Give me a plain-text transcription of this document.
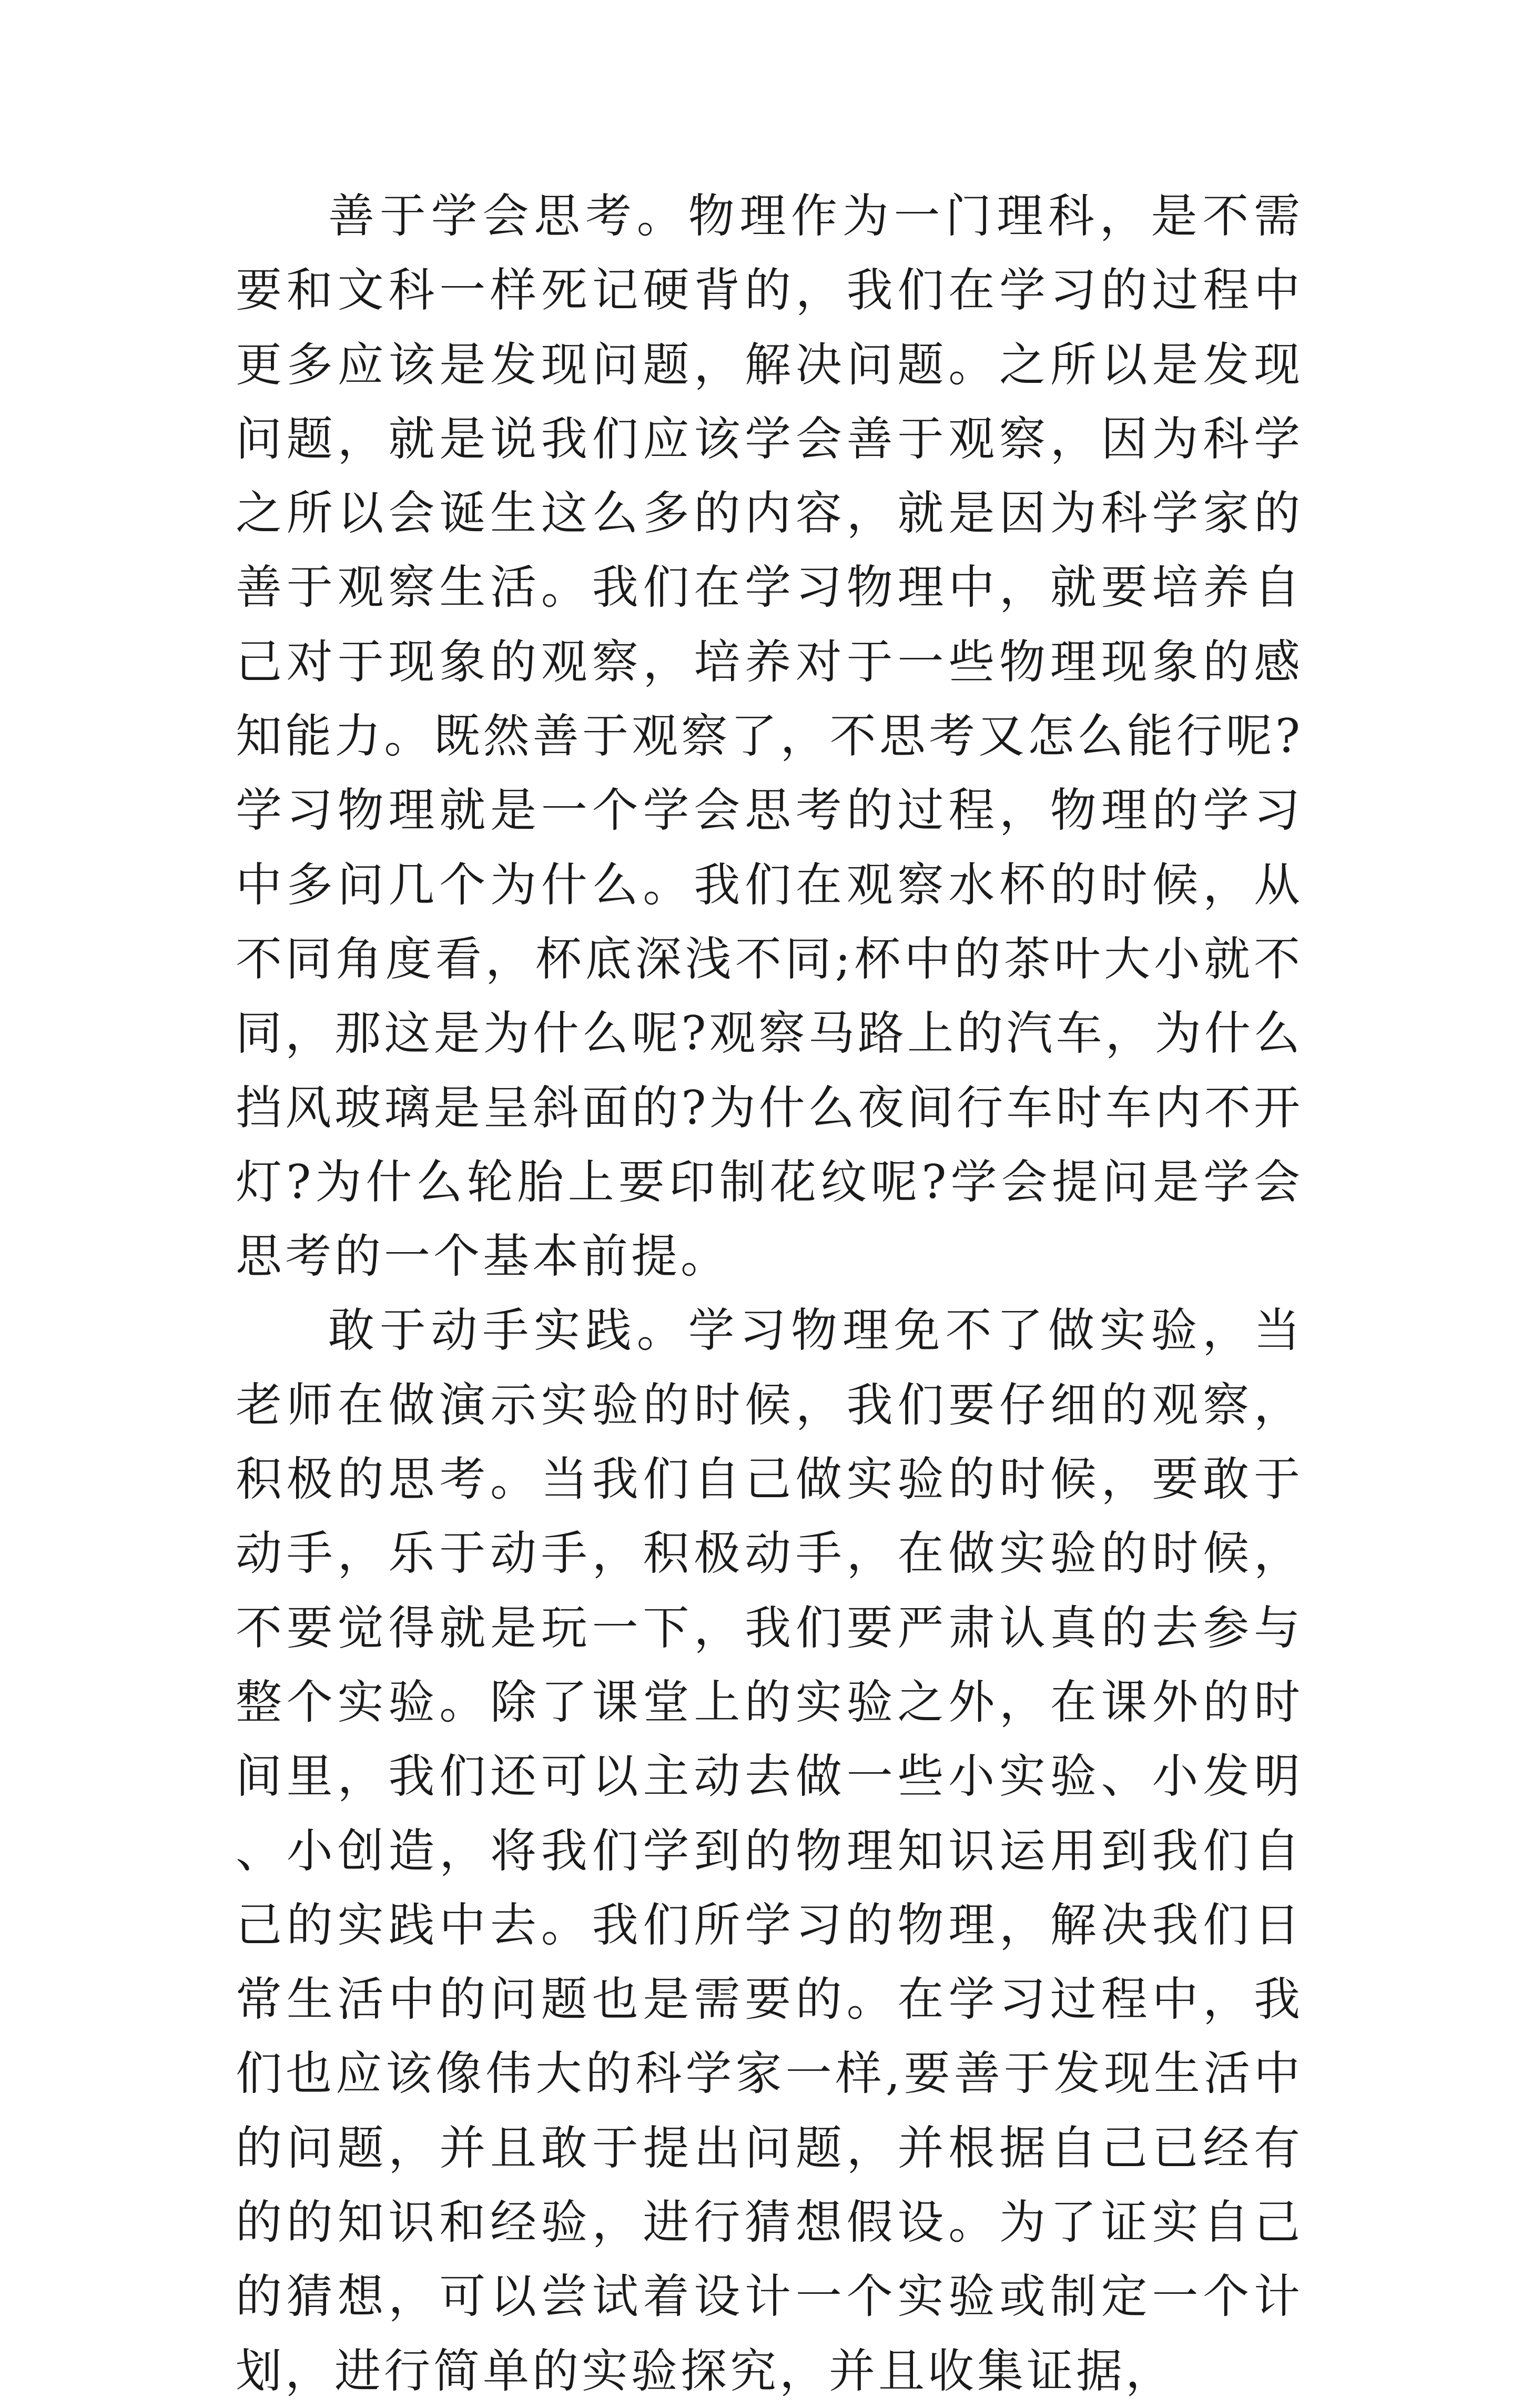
善于学会思考。物理作为一门理科，是不需要和文科一样死记硬背的，我们在学习的过程中更多应该是发现问题，解决问题。之所以是发现问题，就是说我们应该学会善于观察，因为科学之所以会诞生这么多的内容，就是因为科学家的善于观察生活。我们在学习物理中，就要培养自己对于现象的观察，培养对于一些物理现象的感知能力。既然善于观察了，不思考又怎么能行呢?学习物理就是一个学会思考的过程，物理的学习中多问几个为什么。我们在观察水杯的时候，从不同角度看，杯底深浅不同;杯中的茶叶大小就不同，那这是为什么呢?观察马路上的汽车，为什么挡风玻璃是呈斜面的?为什么夜间行车时车内不开灯?为什么轮胎上要印制花纹呢?学会提问是学会思考的一个基本前提。

敢于动手实践。学习物理免不了做实验，当老师在做演示实验的时候，我们要仔细的观察，积极的思考。当我们自己做实验的时候，要敢于动手，乐于动手，积极动手，在做实验的时候，不要觉得就是玩一下，我们要严肃认真的去参与整个实验。除了课堂上的实验之外，在课外的时间里，我们还可以主动去做一些小实验、小发明、小创造，将我们学到的物理知识运用到我们自己的实践中去。我们所学习的物理，解决我们日常生活中的问题也是需要的。在学习过程中，我们也应该像伟大的科学家一样,要善于发现生活中的问题，并且敢于提出问题，并根据自己已经有的的知识和经验，进行猜想假设。为了证实自己的猜想，可以尝试着设计一个实验或制定一个计划，进行简单的实验探究，并且收集证据，
